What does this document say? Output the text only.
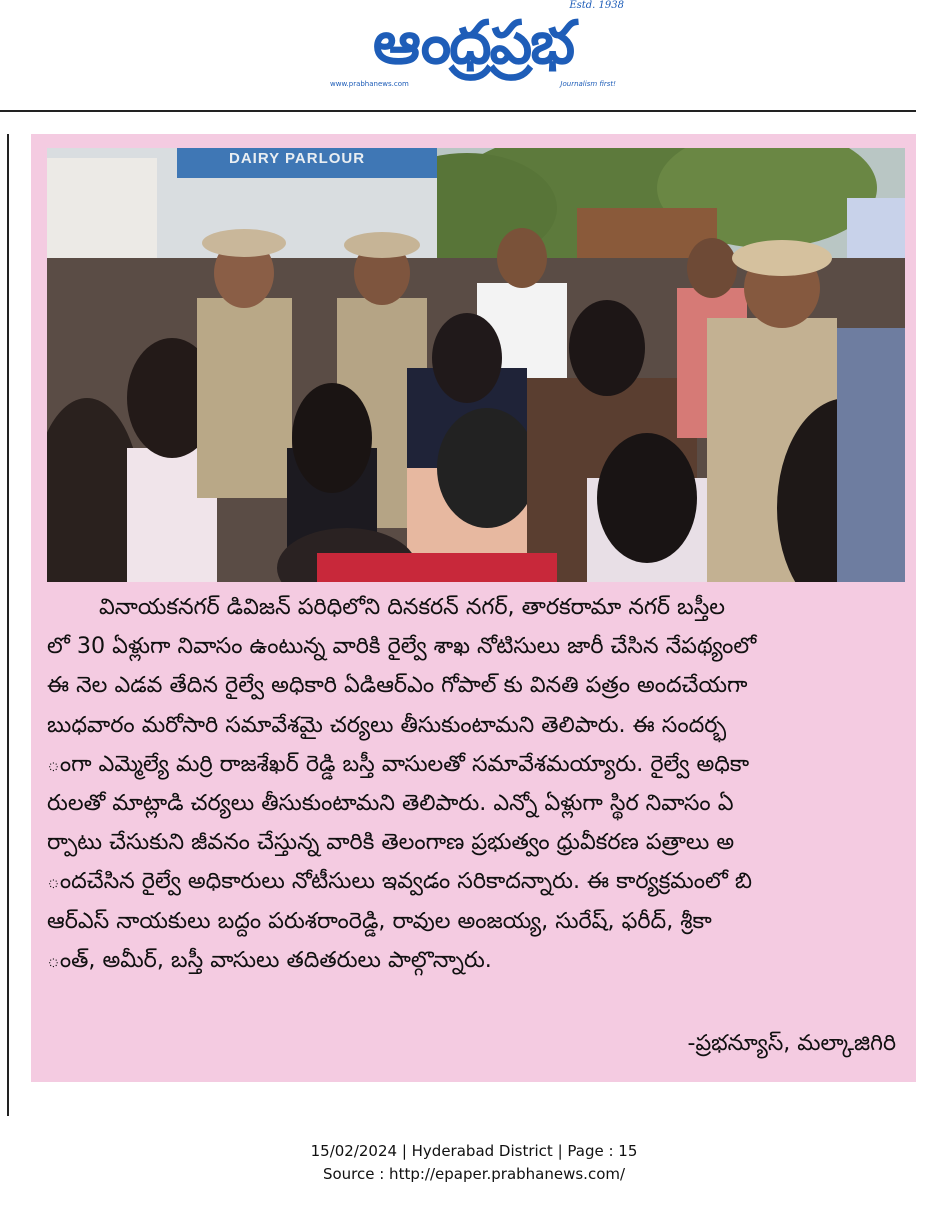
Estd. 1938
ఆంధ్రప్రభ
www.prabhanews.com	Journalism first!
DAIRY PARLOUR
వినాయకనగర్ డివిజన్ పరిధిలోని దినకరన్ నగర్, తారకరామా నగర్ బస్తీల
లో 30 ఏళ్లుగా నివాసం ఉంటున్న వారికి రైల్వే శాఖ నోటిసులు జారీ చేసిన నేపథ్యంలో
ఈ నెల ఎడవ తేదిన రైల్వే అధికారి ఏడిఆర్ఎం గోపాల్ కు వినతి పత్రం అందచేయగా
బుధవారం మరోసారి సమావేశమై చర్యలు తీసుకుంటామని తెలిపారు. ఈ సందర్భ
ంగా ఎమ్మెల్యే మర్రి రాజశేఖర్ రెడ్డి బస్తీ వాసులతో సమావేశమయ్యారు. రైల్వే అధికా
రులతో మాట్లాడి చర్యలు తీసుకుంటామని తెలిపారు. ఎన్నో ఏళ్లుగా స్థిర నివాసం ఏ
ర్పాటు చేసుకుని జీవనం చేస్తున్న వారికి తెలంగాణ ప్రభుత్వం ధ్రువీకరణ పత్రాలు అ
ందచేసిన రైల్వే అధికారులు నోటీసులు ఇవ్వడం సరికాదన్నారు. ఈ కార్యక్రమంలో బి
ఆర్ఎస్ నాయకులు బద్దం పరుశరాంరెడ్డి, రావుల అంజయ్య, సురేష్, ఫరీద్, శ్రీకా
ంత్, అమీర్, బస్తీ వాసులు తదితరులు పాల్గొన్నారు.
-ప్రభన్యూస్, మల్కాజిగిరి
15/02/2024 | Hyderabad District | Page : 15
Source : http://epaper.prabhanews.com/
